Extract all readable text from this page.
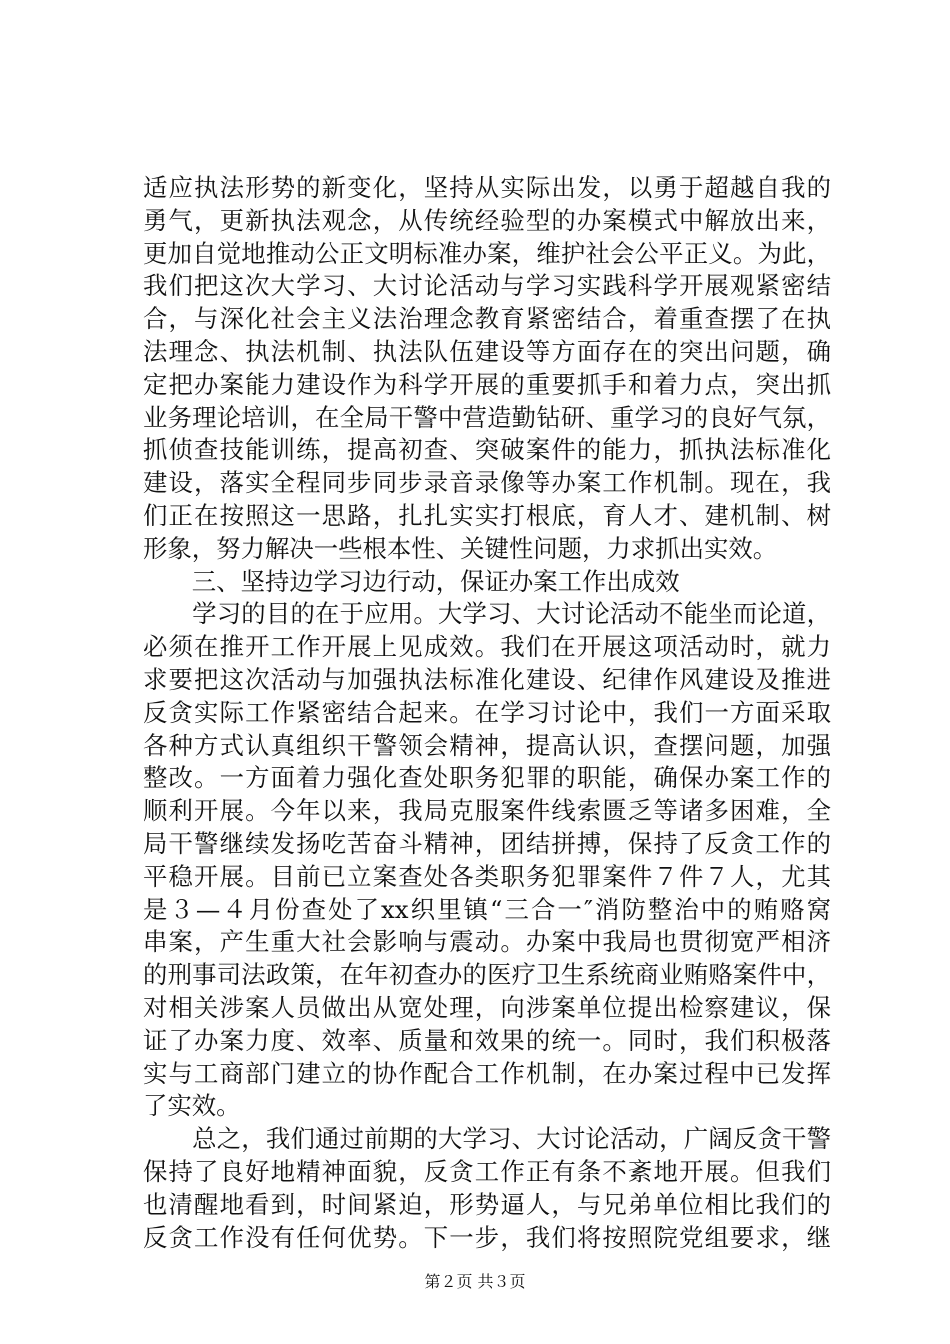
适应执法形势的新变化，坚持从实际出发，以勇于超越自我的
勇气，更新执法观念，从传统经验型的办案模式中解放出来，
更加自觉地推动公正文明标准办案，维护社会公平正义。为此，
我们把这次大学习、大讨论活动与学习实践科学开展观紧密结
合，与深化社会主义法治理念教育紧密结合，着重查摆了在执
法理念、执法机制、执法队伍建设等方面存在的突出问题，确
定把办案能力建设作为科学开展的重要抓手和着力点，突出抓
业务理论培训，在全局干警中营造勤钻研、重学习的良好气氛，
抓侦查技能训练，提高初查、突破案件的能力，抓执法标准化
建设，落实全程同步同步录音录像等办案工作机制。现在，我
们正在按照这一思路，扎扎实实打根底，育人才、建机制、树
形象，努力解决一些根本性、关键性问题，力求抓出实效。
　　三、坚持边学习边行动，保证办案工作出成效
　　学习的目的在于应用。大学习、大讨论活动不能坐而论道，
必须在推开工作开展上见成效。我们在开展这项活动时，就力
求要把这次活动与加强执法标准化建设、纪律作风建设及推进
反贪实际工作紧密结合起来。在学习讨论中，我们一方面采取
各种方式认真组织干警领会精神，提高认识，查摆问题，加强
整改。一方面着力强化查处职务犯罪的职能，确保办案工作的
顺利开展。今年以来，我局克服案件线索匮乏等诸多困难，全
局干警继续发扬吃苦奋斗精神，团结拼搏，保持了反贪工作的
平稳开展。目前已立案查处各类职务犯罪案件７件７人，尤其
是３—４月份查处了xx织里镇“三合一″消防整治中的贿赂窝
串案，产生重大社会影响与震动。办案中我局也贯彻宽严相济
的刑事司法政策，在年初查办的医疗卫生系统商业贿赂案件中，
对相关涉案人员做出从宽处理，向涉案单位提出检察建议，保
证了办案力度、效率、质量和效果的统一。同时，我们积极落
实与工商部门建立的协作配合工作机制，在办案过程中已发挥
了实效。
　　总之，我们通过前期的大学习、大讨论活动，广阔反贪干警
保持了良好地精神面貌，反贪工作正有条不紊地开展。但我们
也清醒地看到，时间紧迫，形势逼人，与兄弟单位相比我们的
反贪工作没有任何优势。下一步，我们将按照院党组要求，继
第２页 共３页
